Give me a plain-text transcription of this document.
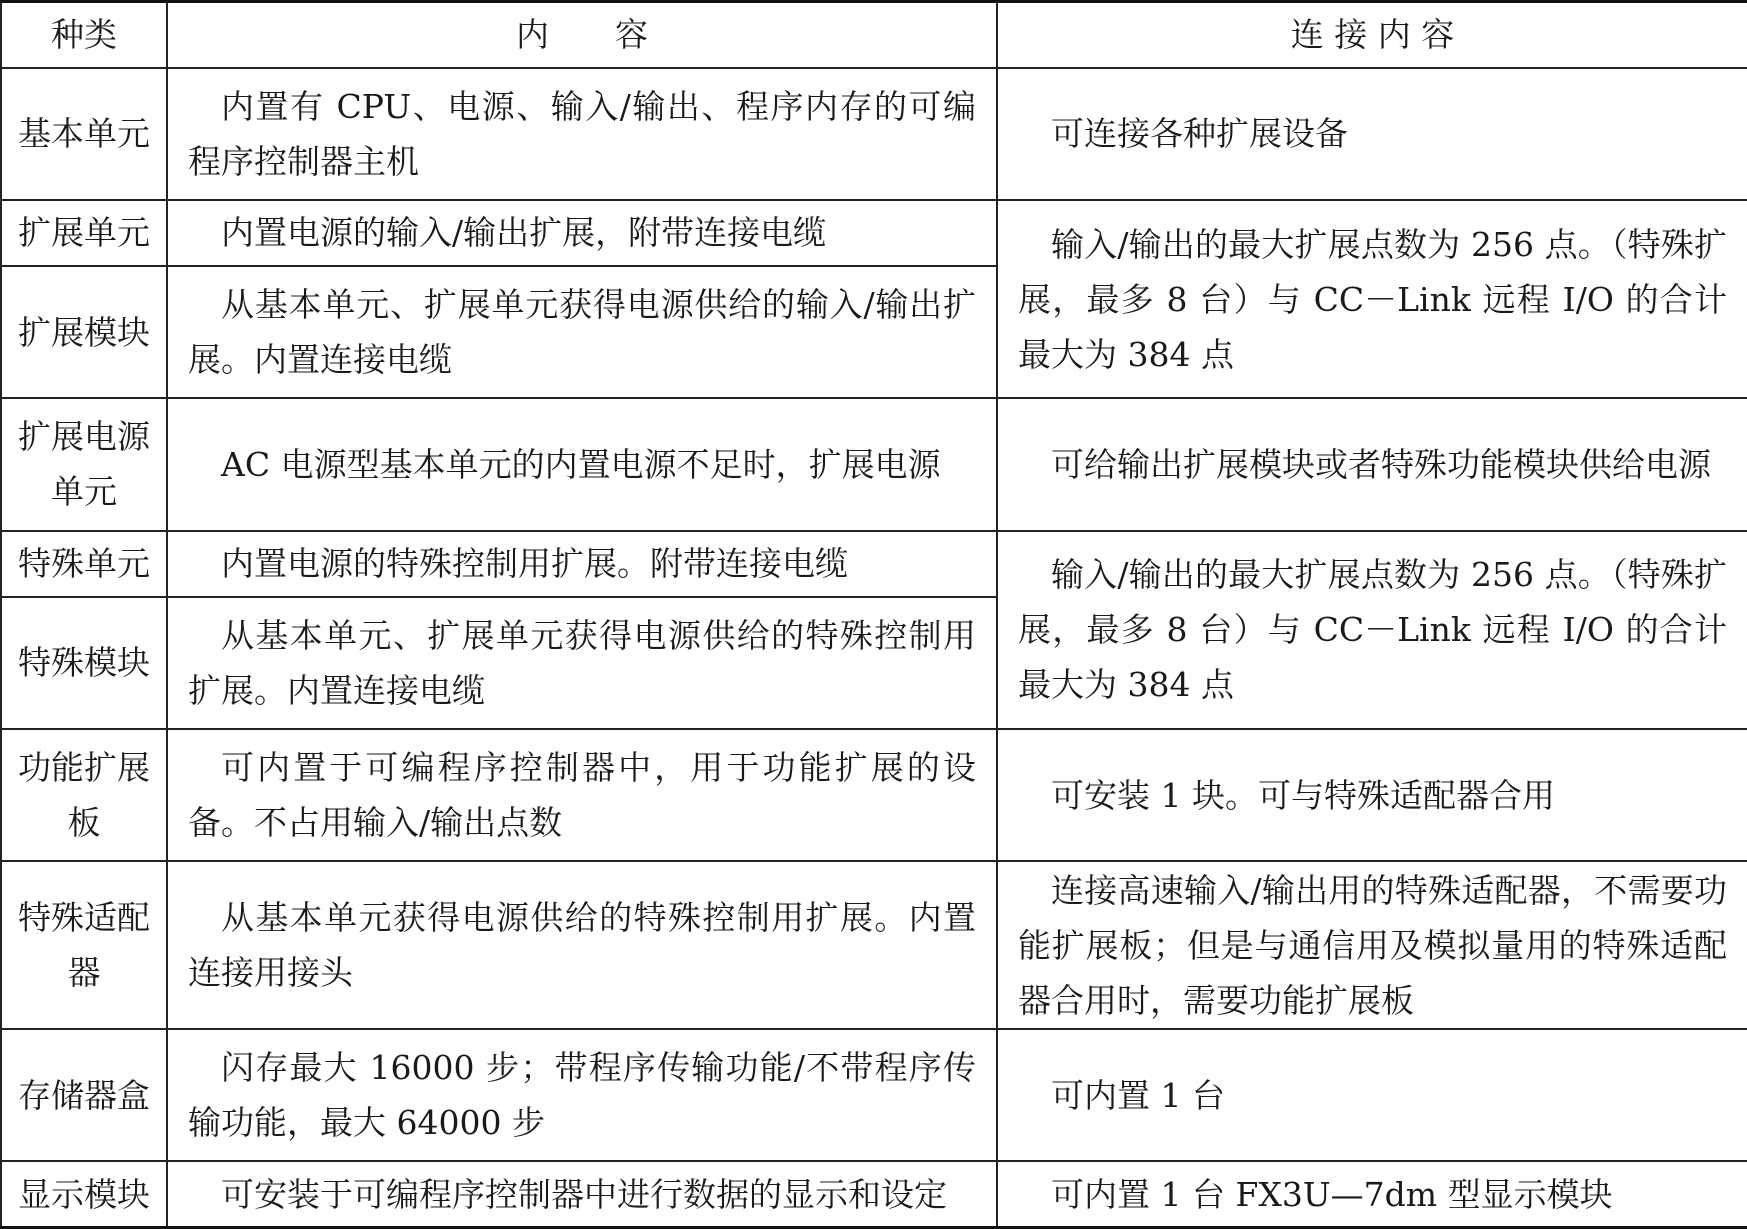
种类	内　　容	连 接 内 容
基本单元	内置有 CPU、电源、输入/输出、程序内存的可编程序控制器主机	可连接各种扩展设备
扩展单元	内置电源的输入/输出扩展，附带连接电缆	输入/输出的最大扩展点数为 256 点。（特殊扩展，最多 8 台）与 CC－Link 远程 I/O 的合计最大为 384 点
扩展模块	从基本单元、扩展单元获得电源供给的输入/输出扩展。内置连接电缆	
扩展电源单元	AC 电源型基本单元的内置电源不足时，扩展电源	可给输出扩展模块或者特殊功能模块供给电源
特殊单元	内置电源的特殊控制用扩展。附带连接电缆	输入/输出的最大扩展点数为 256 点。（特殊扩展，最多 8 台）与 CC－Link 远程 I/O 的合计最大为 384 点
特殊模块	从基本单元、扩展单元获得电源供给的特殊控制用扩展。内置连接电缆	
功能扩展板	可内置于可编程序控制器中，用于功能扩展的设备。不占用输入/输出点数	可安装 1 块。可与特殊适配器合用
特殊适配器	从基本单元获得电源供给的特殊控制用扩展。内置连接用接头	连接高速输入/输出用的特殊适配器，不需要功能扩展板；但是与通信用及模拟量用的特殊适配器合用时，需要功能扩展板
存储器盒	闪存最大 16000 步；带程序传输功能/不带程序传输功能，最大 64000 步	可内置 1 台
显示模块	可安装于可编程序控制器中进行数据的显示和设定	可内置 1 台 FX3U—7dm 型显示模块
